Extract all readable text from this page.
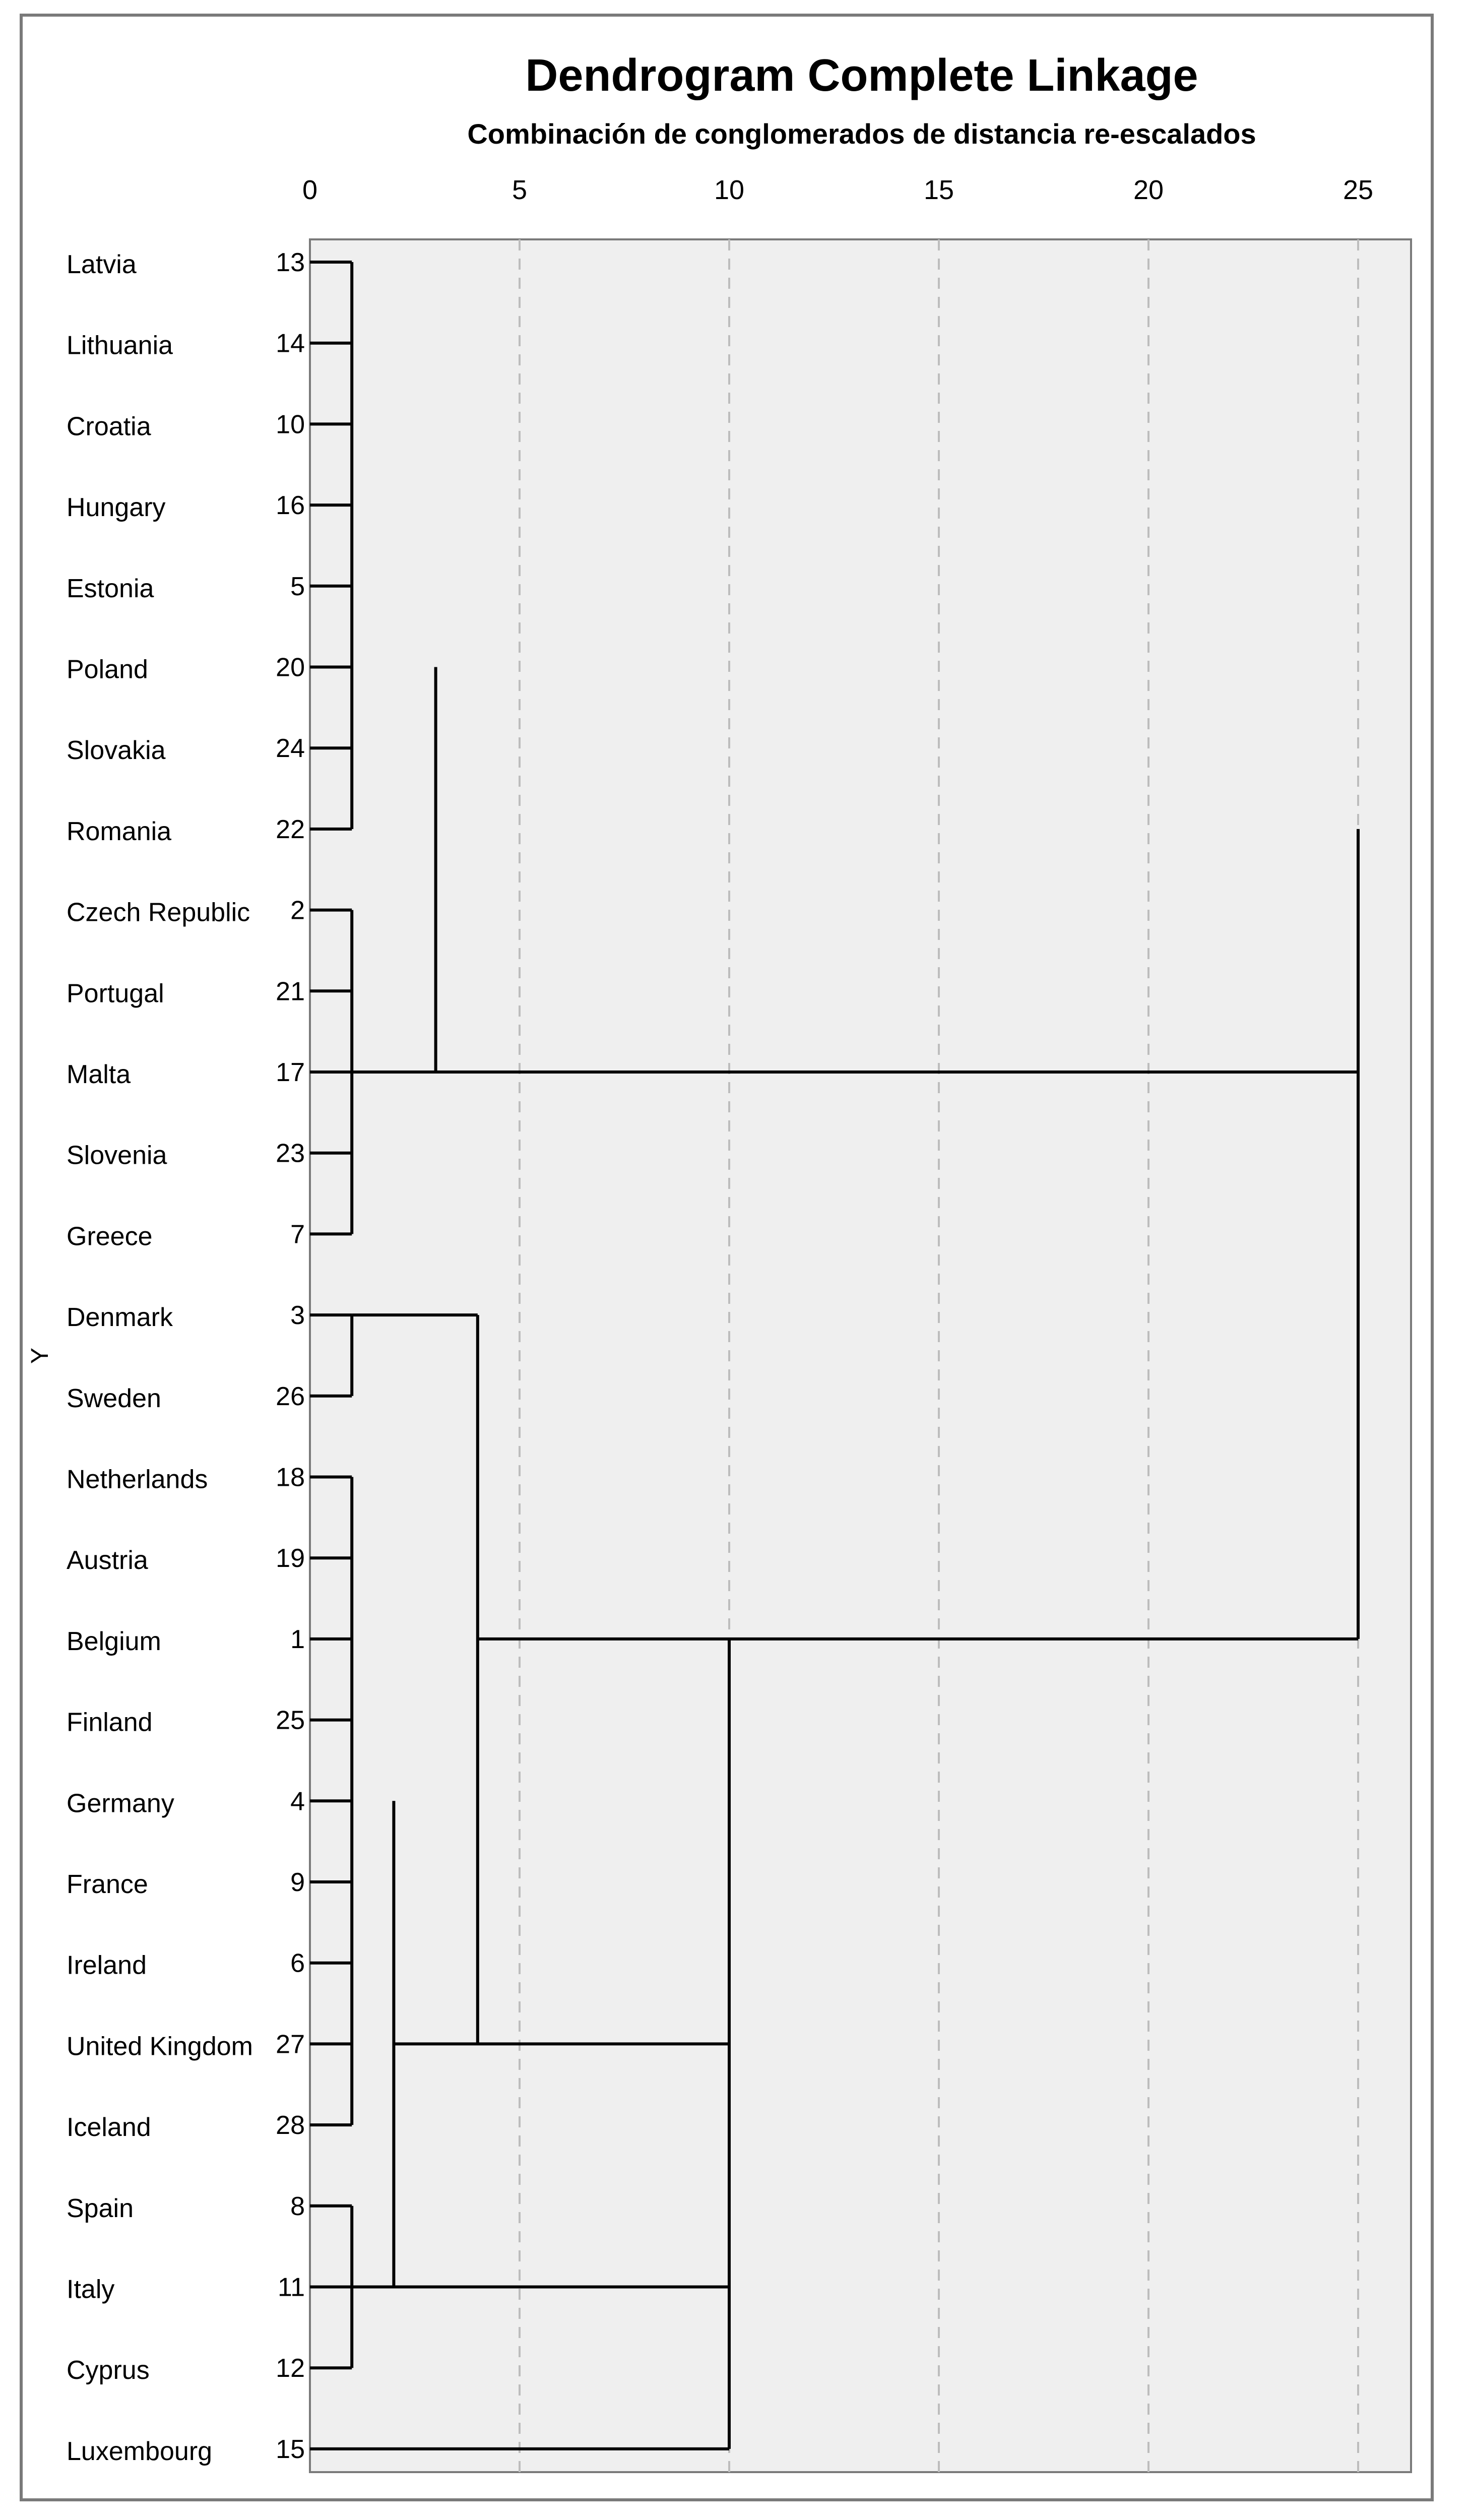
Dendrogram Complete Linkage
Combinación de conglomerados de distancia re-escalados
Y
0	5	10	15	20	25
Latvia	13
Lithuania	14
Croatia	10
Hungary	16
Estonia	5
Poland	20
Slovakia	24
Romania	22
Czech Republic 2
Portugal	21
Malta	17
Slovenia	23
Greece	7
Denmark	3
Sweden	26
Netherlands	18
Austria	19
Belgium	1
Finland	25
Germany	4
France	9
Ireland	6
United Kingdom 27
Iceland	28
Spain	8
Italy	11
Cyprus	12
Luxembourg 15
